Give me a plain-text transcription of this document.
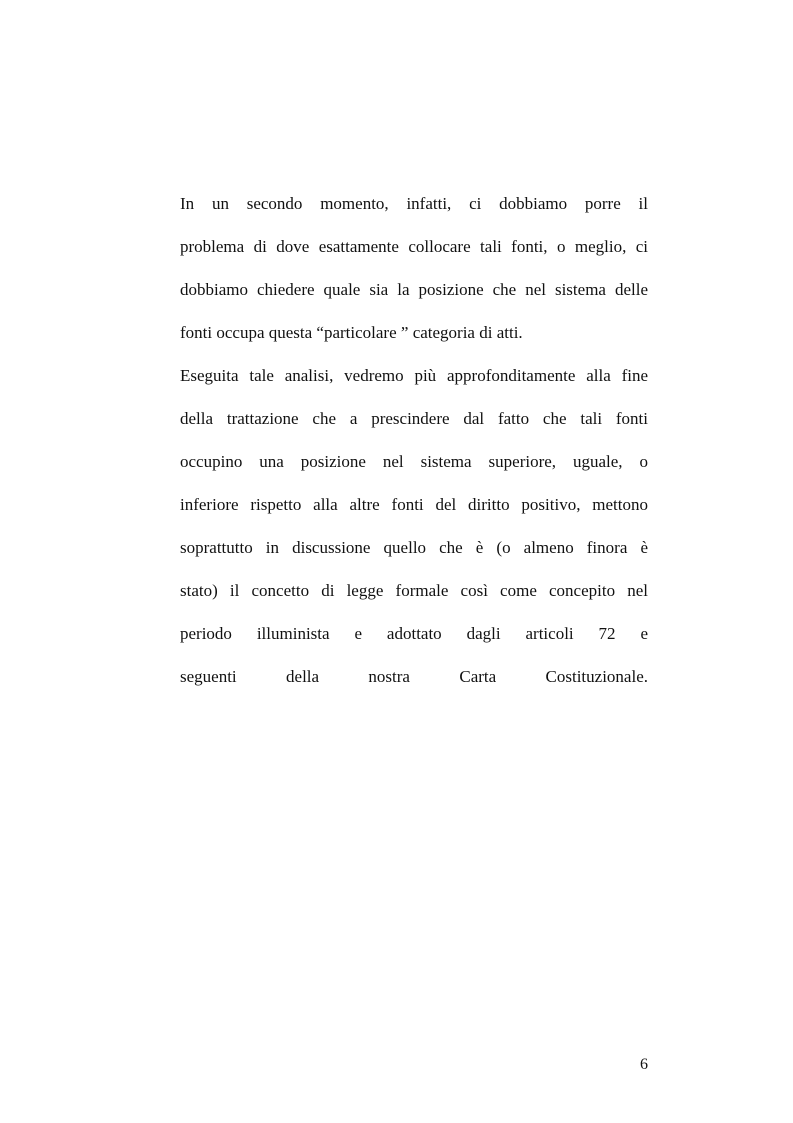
In un secondo momento, infatti, ci dobbiamo porre il
problema di dove esattamente collocare tali fonti, o meglio, ci
dobbiamo chiedere quale sia la posizione che nel sistema delle
fonti occupa questa “particolare ” categoria di atti.
Eseguita tale analisi, vedremo più approfonditamente alla fine
della trattazione che a prescindere dal fatto che tali fonti
occupino una posizione nel sistema superiore, uguale, o
inferiore rispetto alla altre fonti del diritto positivo, mettono
soprattutto in discussione quello che è (o almeno finora è
stato) il concetto di legge formale così come concepito nel
periodo illuminista e adottato dagli articoli 72 e
seguenti della nostra Carta Costituzionale.
6
